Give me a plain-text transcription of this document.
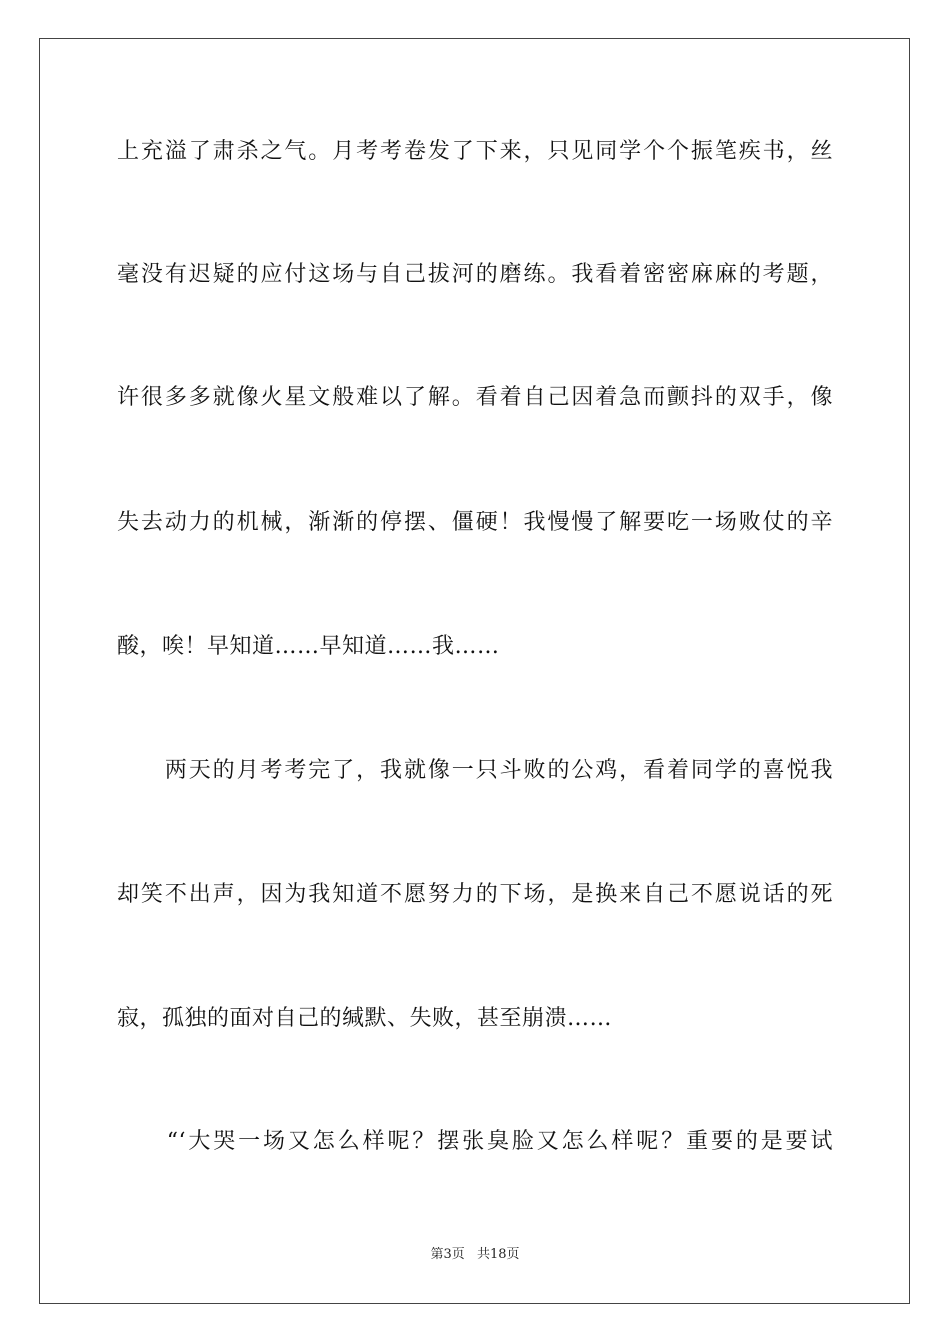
上充溢了肃杀之气。月考考卷发了下来，只见同学个个振笔疾书，丝
毫没有迟疑的应付这场与自己拔河的磨练。我看着密密麻麻的考题，
许很多多就像火星文般难以了解。看着自己因着急而颤抖的双手，像
失去动力的机械，渐渐的停摆、僵硬！我慢慢了解要吃一场败仗的辛
酸，唉！早知道……早知道……我……
　　两天的月考考完了，我就像一只斗败的公鸡，看着同学的喜悦我
却笑不出声，因为我知道不愿努力的下场，是换来自己不愿说话的死
寂，孤独的面对自己的缄默、失败，甚至崩溃……
　　“‘大哭一场又怎么样呢？摆张臭脸又怎么样呢？重要的是要试
第3页 共18页
